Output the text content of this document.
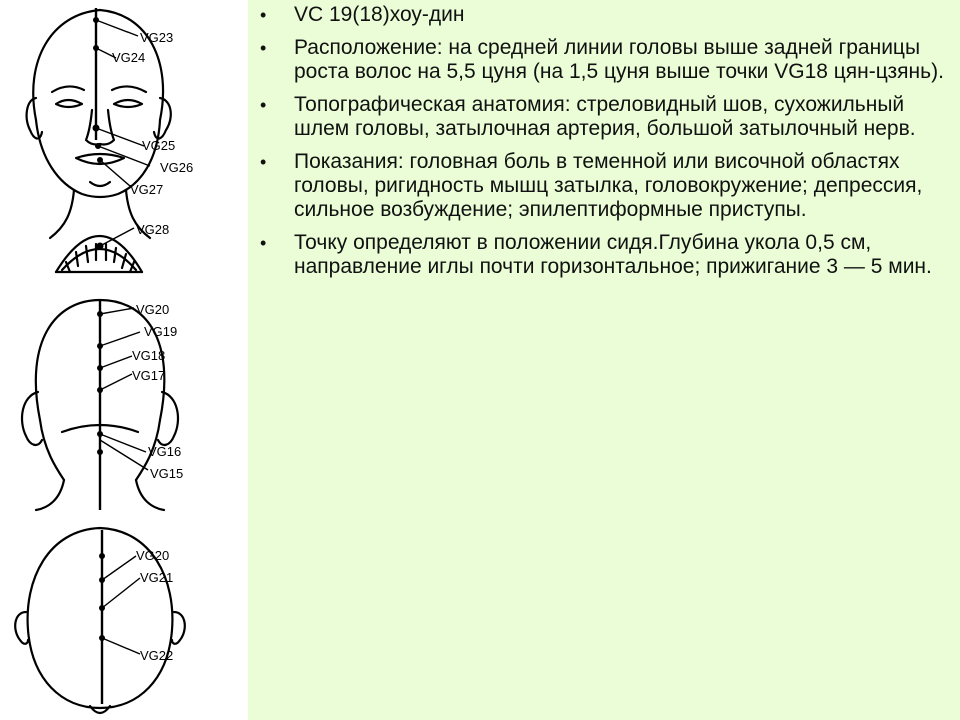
VG23
VG24
VG25
VG26
VG27
VG28
VG20
VG19
VG18
VG17
VG16
VG15
VG20
VG21
VG22
• VC 19(18)хоу-дин
• Расположение: на средней линии головы выше задней границы роста волос на 5,5 цуня (на 1,5 цуня выше точки VG18 цян-цзянь).
• Топографическая анатомия: стреловидный шов, сухожильный шлем головы, затылочная артерия, большой затылочный нерв.
• Показания: головная боль в теменной или височной областях головы, ригидность мышц затылка, головокружение; депрессия, сильное возбуждение; эпилептиформные приступы.
• Точку определяют в положении сидя.Глубина укола 0,5 см, направление иглы почти горизонтальное; прижигание 3 — 5 мин.
